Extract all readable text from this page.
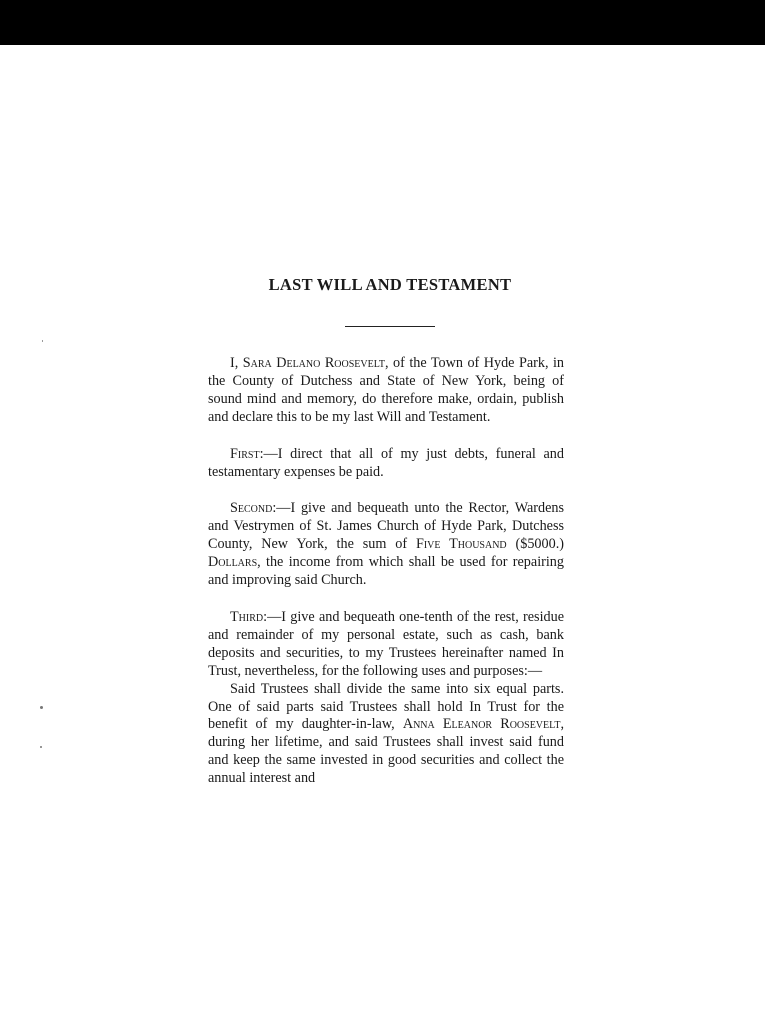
LAST WILL AND TESTAMENT

I, Sara Delano Roosevelt, of the Town of Hyde Park, in the County of Dutchess and State of New York, being of sound mind and memory, do therefore make, ordain, publish and declare this to be my last Will and Testament.

First:—I direct that all of my just debts, funeral and testamentary expenses be paid.

Second:—I give and bequeath unto the Rector, Wardens and Vestrymen of St. James Church of Hyde Park, Dutchess County, New York, the sum of Five Thousand ($5000.) Dollars, the income from which shall be used for repairing and improving said Church.

Third:—I give and bequeath one-tenth of the rest, residue and remainder of my personal estate, such as cash, bank deposits and securities, to my Trustees hereinafter named In Trust, nevertheless, for the following uses and purposes:—

Said Trustees shall divide the same into six equal parts. One of said parts said Trustees shall hold In Trust for the benefit of my daughter-in-law, Anna Eleanor Roosevelt, during her lifetime, and said Trustees shall invest said fund and keep the same invested in good securities and collect the annual interest and
